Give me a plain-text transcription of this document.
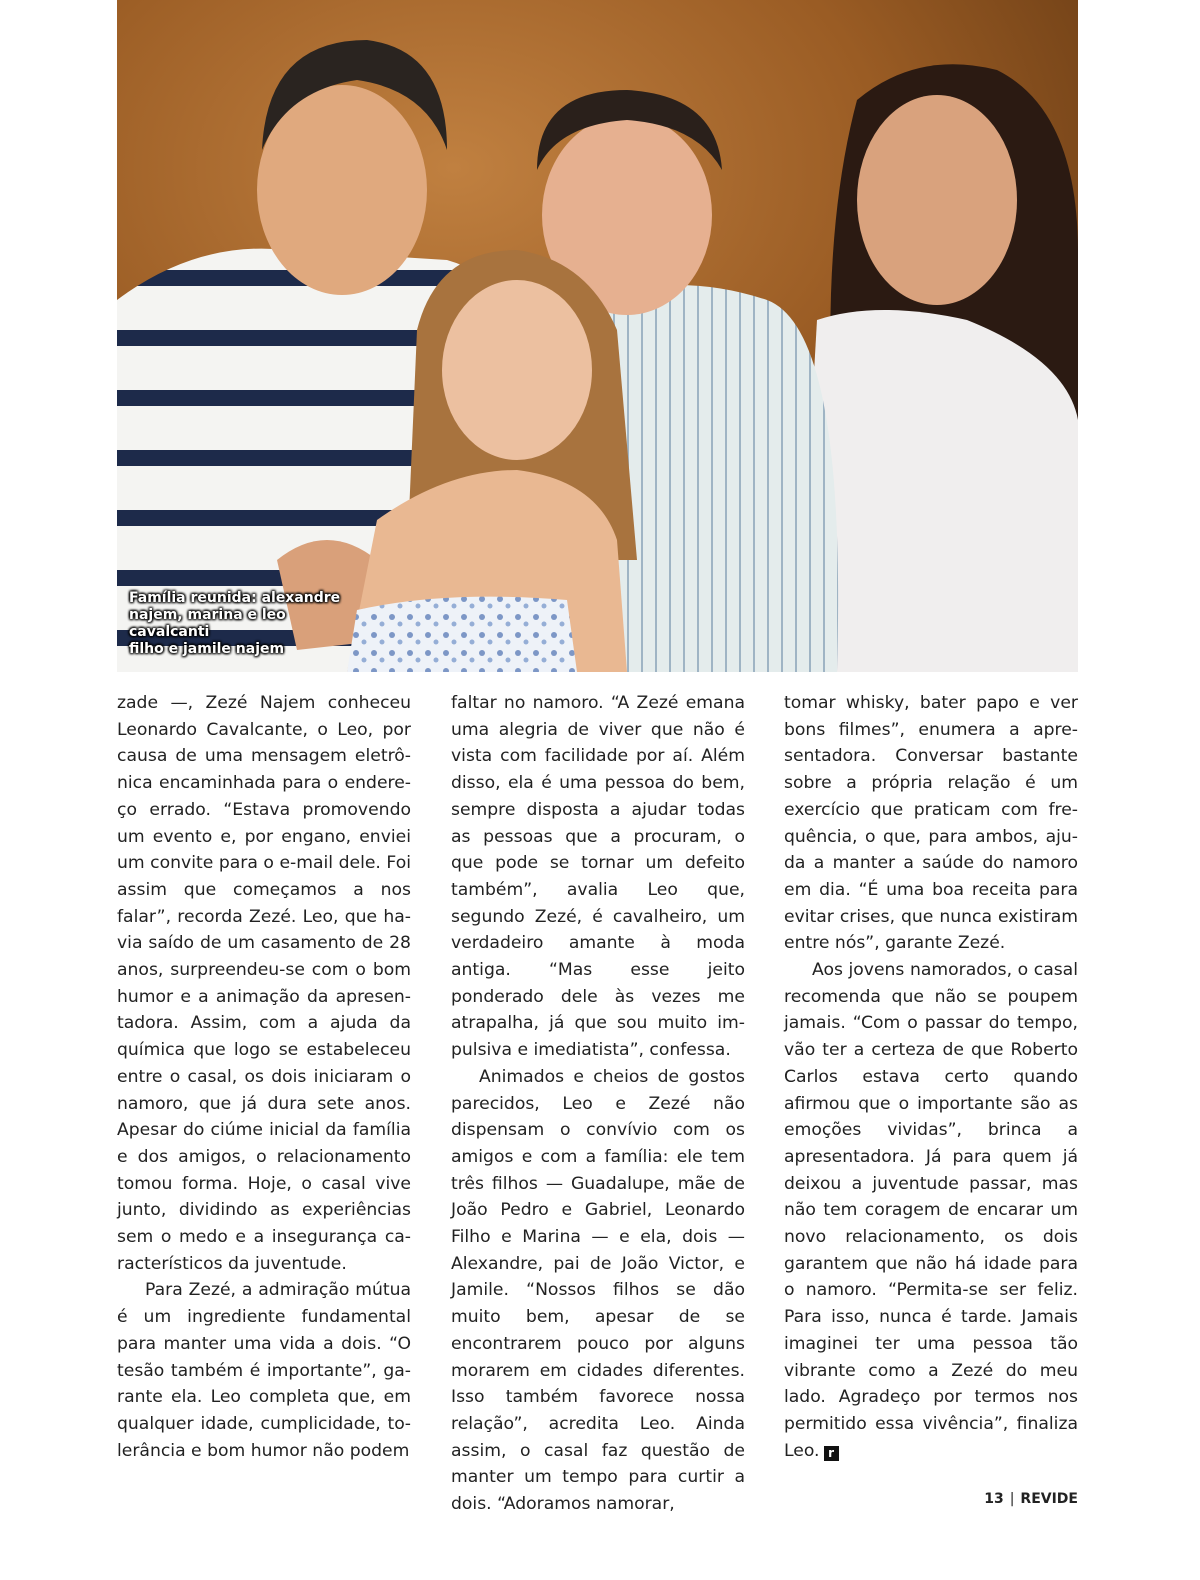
Família reunida: alexandre
najem, marina e leo cavalcanti
filho e jamile najem

zade —, Zezé Najem conheceu Leonardo Cavalcante, o Leo, por causa de uma mensagem eletrônica encaminhada para o endereço errado. “Estava promovendo um evento e, por engano, enviei um convite para o e-mail dele. Foi assim que começamos a nos falar”, recorda Zezé. Leo, que havia saído de um casamento de 28 anos, surpreendeu-se com o bom humor e a animação da apresentadora. Assim, com a ajuda da química que logo se estabeleceu entre o casal, os dois iniciaram o namoro, que já dura sete anos. Apesar do ciúme inicial da família e dos amigos, o relacionamento tomou forma. Hoje, o casal vive junto, dividindo as experiências sem o medo e a insegurança característicos da juventude.

Para Zezé, a admiração mútua é um ingrediente fundamental para manter uma vida a dois. “O tesão também é importante”, garante ela. Leo completa que, em qualquer idade, cumplicidade, tolerância e bom humor não podem

faltar no namoro. “A Zezé emana uma alegria de viver que não é vista com facilidade por aí. Além disso, ela é uma pessoa do bem, sempre disposta a ajudar todas as pessoas que a procuram, o que pode se tornar um defeito também”, avalia Leo que, segundo Zezé, é cavalheiro, um verdadeiro amante à moda antiga. “Mas esse jeito ponderado dele às vezes me atrapalha, já que sou muito impulsiva e imediatista”, confessa.

Animados e cheios de gostos parecidos, Leo e Zezé não dispensam o convívio com os amigos e com a família: ele tem três filhos — Guadalupe, mãe de João Pedro e Gabriel, Leonardo Filho e Marina — e ela, dois — Alexandre, pai de João Victor, e Jamile. “Nossos filhos se dão muito bem, apesar de se encontrarem pouco por alguns morarem em cidades diferentes. Isso também favorece nossa relação”, acredita Leo. Ainda assim, o casal faz questão de manter um tempo para curtir a dois. “Adoramos namorar,

tomar whisky, bater papo e ver bons filmes”, enumera a apresentadora. Conversar bastante sobre a própria relação é um exercício que praticam com frequência, o que, para ambos, ajuda a manter a saúde do namoro em dia. “É uma boa receita para evitar crises, que nunca existiram entre nós”, garante Zezé.

Aos jovens namorados, o casal recomenda que não se poupem jamais. “Com o passar do tempo, vão ter a certeza de que Roberto Carlos estava certo quando afirmou que o importante são as emoções vividas”, brinca a apresentadora. Já para quem já deixou a juventude passar, mas não tem coragem de encarar um novo relacionamento, os dois garantem que não há idade para o namoro. “Permita-se ser feliz. Para isso, nunca é tarde. Jamais imaginei ter uma pessoa tão vibrante como a Zezé do meu lado. Agradeço por termos nos permitido essa vivência”, finaliza Leo. r

13 | REVIDE
